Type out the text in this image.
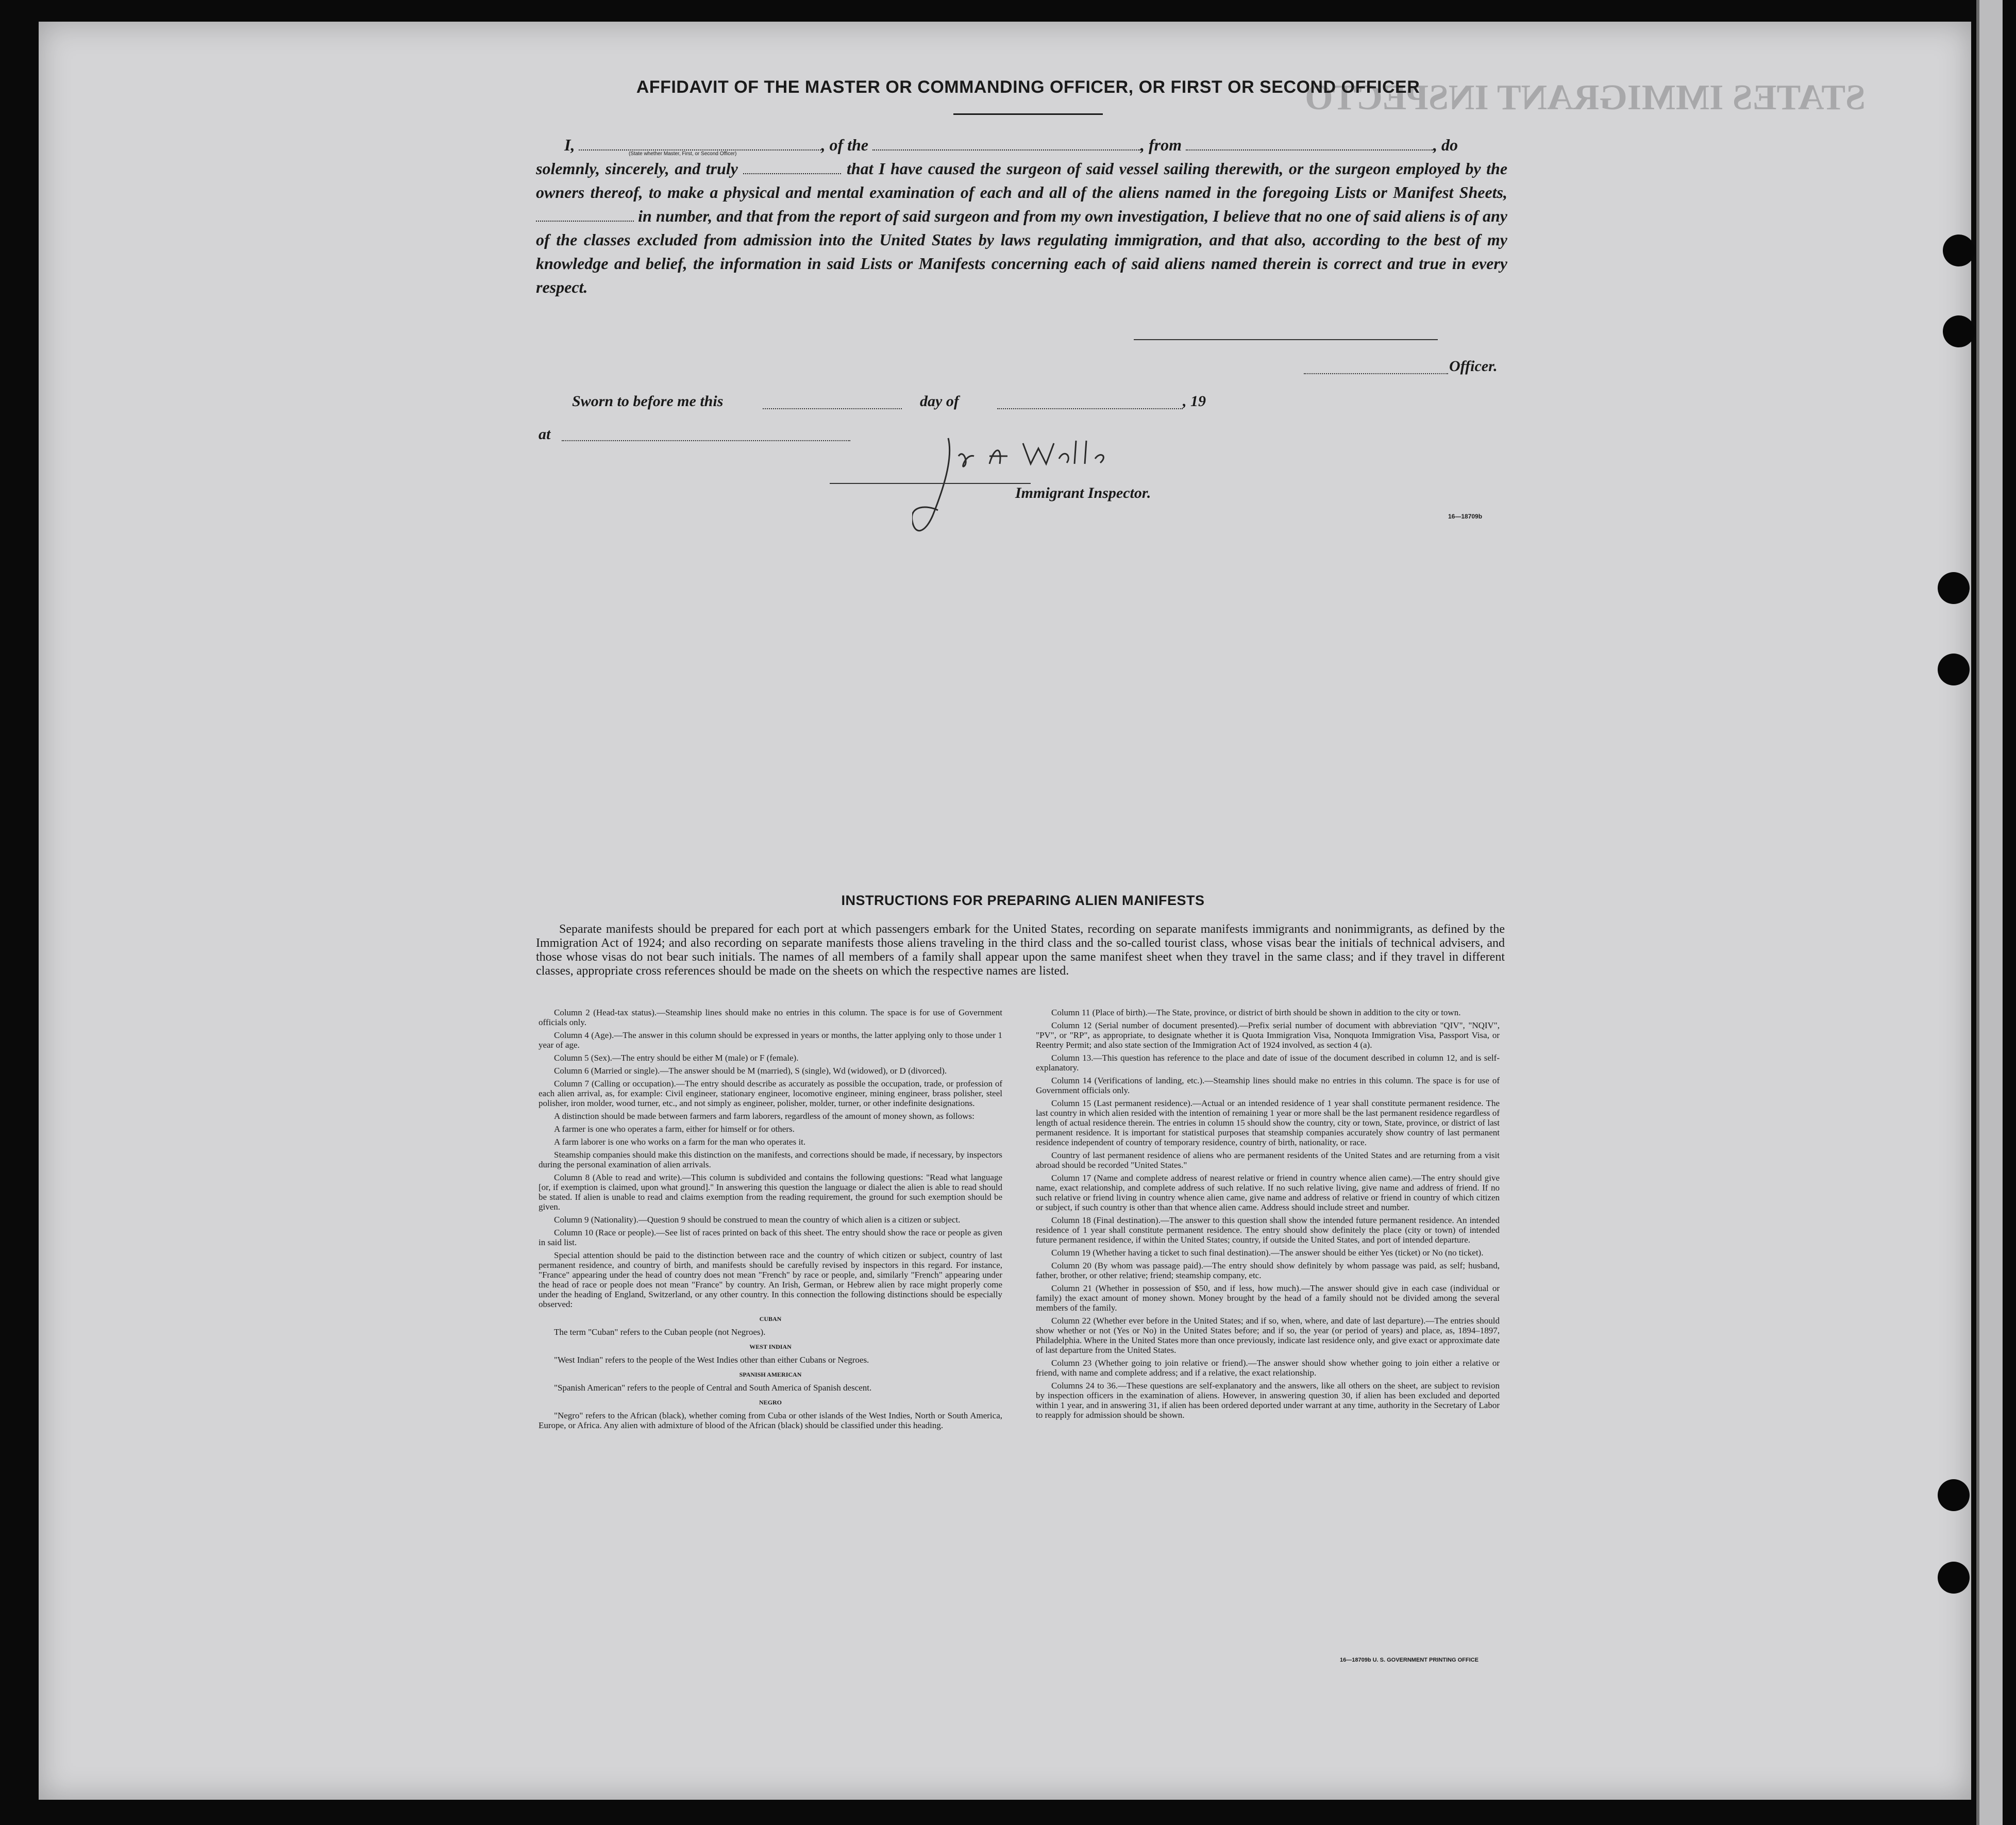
STATES IMMIGRANT INSPECTO
AFFIDAVIT OF THE MASTER OR COMMANDING OFFICER, OR FIRST OR SECOND OFFICER
I,	, of the	, from	, do
solemnly, sincerely, and truly	that I have caused the surgeon of said vessel sailing therewith, or the surgeon employed by the owners thereof, to make a physical and mental examination of each and all of the aliens named in the foregoing Lists or Manifest Sheets,  in number, and that from the report of said surgeon and from my own investigation, I believe that no one of said aliens is of any of the classes excluded from admission into the United States by laws regulating immigration, and that also, according to the best of my knowledge and belief, the information in said Lists or Manifests concerning each of said aliens named therein is correct and true in every respect.
(State whether Master, First, or Second Officer)
Officer.
Sworn to before me this	day of	, 19
at
Immigrant Inspector.
16—18709b
INSTRUCTIONS FOR PREPARING ALIEN MANIFESTS
Separate manifests should be prepared for each port at which passengers embark for the United States, recording on separate manifests immigrants and nonimmigrants, as defined by the Immigration Act of 1924; and also recording on separate manifests those aliens traveling in the third class and the so-called tourist class, whose visas bear the initials of technical advisers, and those whose visas do not bear such initials. The names of all members of a family shall appear upon the same manifest sheet when they travel in the same class; and if they travel in different classes, appropriate cross references should be made on the sheets on which the respective names are listed.

Column 2 (Head-tax status).—Steamship lines should make no entries in this column. The space is for use of Government officials only.

Column 4 (Age).—The answer in this column should be expressed in years or months, the latter applying only to those under 1 year of age.

Column 5 (Sex).—The entry should be either M (male) or F (female).

Column 6 (Married or single).—The answer should be M (married), S (single), Wd (widowed), or D (divorced).

Column 7 (Calling or occupation).—The entry should describe as accurately as possible the occupation, trade, or profession of each alien arrival, as, for example: Civil engineer, stationary engineer, locomotive engineer, mining engineer, brass polisher, steel polisher, iron molder, wood turner, etc., and not simply as engineer, polisher, molder, turner, or other indefinite designations.

A distinction should be made between farmers and farm laborers, regardless of the amount of money shown, as follows:

A farmer is one who operates a farm, either for himself or for others.

A farm laborer is one who works on a farm for the man who operates it.

Steamship companies should make this distinction on the manifests, and corrections should be made, if necessary, by inspectors during the personal examination of alien arrivals.

Column 8 (Able to read and write).—This column is subdivided and contains the following questions: "Read what language [or, if exemption is claimed, upon what ground]." In answering this question the language or dialect the alien is able to read should be stated. If alien is unable to read and claims exemption from the reading requirement, the ground for such exemption should be given.

Column 9 (Nationality).—Question 9 should be construed to mean the country of which alien is a citizen or subject.

Column 10 (Race or people).—See list of races printed on back of this sheet. The entry should show the race or people as given in said list.

Special attention should be paid to the distinction between race and the country of which citizen or subject, country of last permanent residence, and country of birth, and manifests should be carefully revised by inspectors in this regard. For instance, "France" appearing under the head of country does not mean "French" by race or people, and, similarly "French" appearing under the head of race or people does not mean "France" by country. An Irish, German, or Hebrew alien by race might properly come under the heading of England, Switzerland, or any other country. In this connection the following distinctions should be especially observed:

CUBAN

The term "Cuban" refers to the Cuban people (not Negroes).

WEST INDIAN

"West Indian" refers to the people of the West Indies other than either Cubans or Negroes.

SPANISH AMERICAN

"Spanish American" refers to the people of Central and South America of Spanish descent.

NEGRO

"Negro" refers to the African (black), whether coming from Cuba or other islands of the West Indies, North or South America, Europe, or Africa. Any alien with admixture of blood of the African (black) should be classified under this heading.

Column 11 (Place of birth).—The State, province, or district of birth should be shown in addition to the city or town.

Column 12 (Serial number of document presented).—Prefix serial number of document with abbreviation "QIV", "NQIV", "PV", or "RP", as appropriate, to designate whether it is Quota Immigration Visa, Nonquota Immigration Visa, Passport Visa, or Reentry Permit; and also state section of the Immigration Act of 1924 involved, as section 4 (a).

Column 13.—This question has reference to the place and date of issue of the document described in column 12, and is self-explanatory.

Column 14 (Verifications of landing, etc.).—Steamship lines should make no entries in this column. The space is for use of Government officials only.

Column 15 (Last permanent residence).—Actual or an intended residence of 1 year shall constitute permanent residence. The last country in which alien resided with the intention of remaining 1 year or more shall be the last permanent residence regardless of length of actual residence therein. The entries in column 15 should show the country, city or town, State, province, or district of last permanent residence. It is important for statistical purposes that steamship companies accurately show country of last permanent residence independent of country of temporary residence, country of birth, nationality, or race.

Country of last permanent residence of aliens who are permanent residents of the United States and are returning from a visit abroad should be recorded "United States."

Column 17 (Name and complete address of nearest relative or friend in country whence alien came).—The entry should give name, exact relationship, and complete address of such relative. If no such relative living, give name and address of friend. If no such relative or friend living in country whence alien came, give name and address of relative or friend in country of which citizen or subject, if such country is other than that whence alien came. Address should include street and number.

Column 18 (Final destination).—The answer to this question shall show the intended future permanent residence. An intended residence of 1 year shall constitute permanent residence. The entry should show definitely the place (city or town) of intended future permanent residence, if within the United States; country, if outside the United States, and port of intended departure.

Column 19 (Whether having a ticket to such final destination).—The answer should be either Yes (ticket) or No (no ticket).

Column 20 (By whom was passage paid).—The entry should show definitely by whom passage was paid, as self; husband, father, brother, or other relative; friend; steamship company, etc.

Column 21 (Whether in possession of $50, and if less, how much).—The answer should give in each case (individual or family) the exact amount of money shown. Money brought by the head of a family should not be divided among the several members of the family.

Column 22 (Whether ever before in the United States; and if so, when, where, and date of last departure).—The entries should show whether or not (Yes or No) in the United States before; and if so, the year (or period of years) and place, as, 1894–1897, Philadelphia. Where in the United States more than once previously, indicate last residence only, and give exact or approximate date of last departure from the United States.

Column 23 (Whether going to join relative or friend).—The answer should show whether going to join either a relative or friend, with name and complete address; and if a relative, the exact relationship.

Columns 24 to 36.—These questions are self-explanatory and the answers, like all others on the sheet, are subject to revision by inspection officers in the examination of aliens. However, in answering question 30, if alien has been excluded and deported within 1 year, and in answering 31, if alien has been ordered deported under warrant at any time, authority in the Secretary of Labor to reapply for admission should be shown.

16—18709b U. S. GOVERNMENT PRINTING OFFICE
